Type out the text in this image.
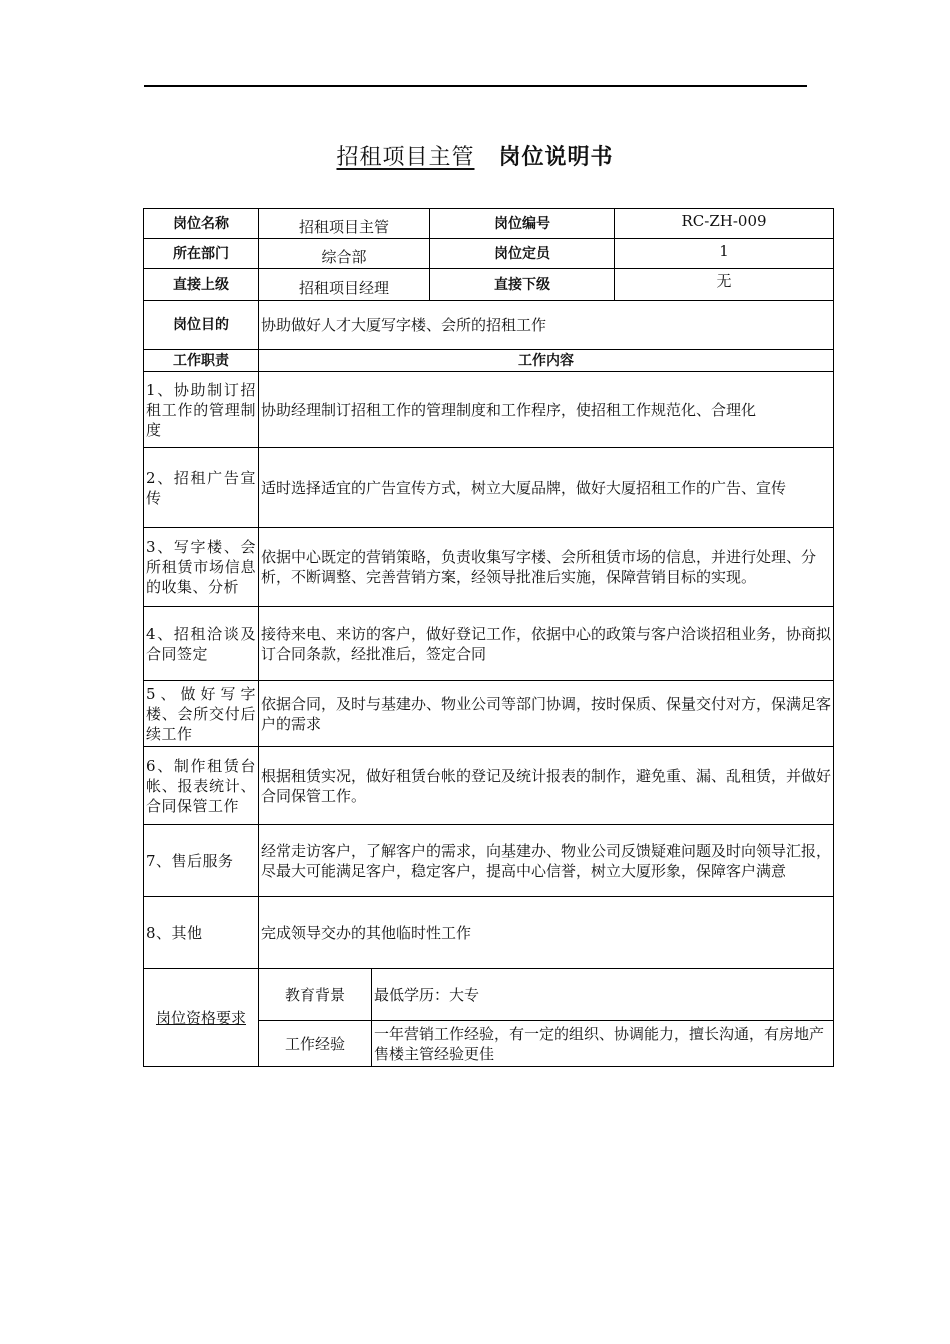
招租项目主管 岗位说明书
岗位名称	招租项目主管		岗位编号	RC-ZH-009
所在部门	综合部		岗位定员	1
直接上级	招租项目经理		直接下级	无
岗位目的	协助做好人才大厦写字楼、会所的招租工作			
工作职责	工作内容			
1、协助制订招租工作的管理制度	协助经理制订招租工作的管理制度和工作程序，使招租工作规范化、合理化			
2、招租广告宣传	适时选择适宜的广告宣传方式，树立大厦品牌，做好大厦招租工作的广告、宣传			
3、写字楼、会所租赁市场信息的收集、分析	依据中心既定的营销策略，负责收集写字楼、会所租赁市场的信息，并进行处理、分析，不断调整、完善营销方案，经领导批准后实施，保障营销目标的实现。			
4、招租洽谈及合同签定	接待来电、来访的客户，做好登记工作，依据中心的政策与客户洽谈招租业务，协商拟订合同条款，经批准后，签定合同			
5、做好写字楼、会所交付后续工作	依据合同，及时与基建办、物业公司等部门协调，按时保质、保量交付对方，保满足客户的需求			
6、制作租赁台帐、报表统计、合同保管工作	根据租赁实况，做好租赁台帐的登记及统计报表的制作，避免重、漏、乱租赁，并做好合同保管工作。			
7、售后服务	经常走访客户，了解客户的需求，向基建办、物业公司反馈疑难问题及时向领导汇报，尽最大可能满足客户，稳定客户，提高中心信誉，树立大厦形象，保障客户满意			
8、其他	完成领导交办的其他临时性工作			
岗位资格要求	教育背景	最低学历：大专		
	工作经验	一年营销工作经验，有一定的组织、协调能力，擅长沟通，有房地产售楼主管经验更佳		
